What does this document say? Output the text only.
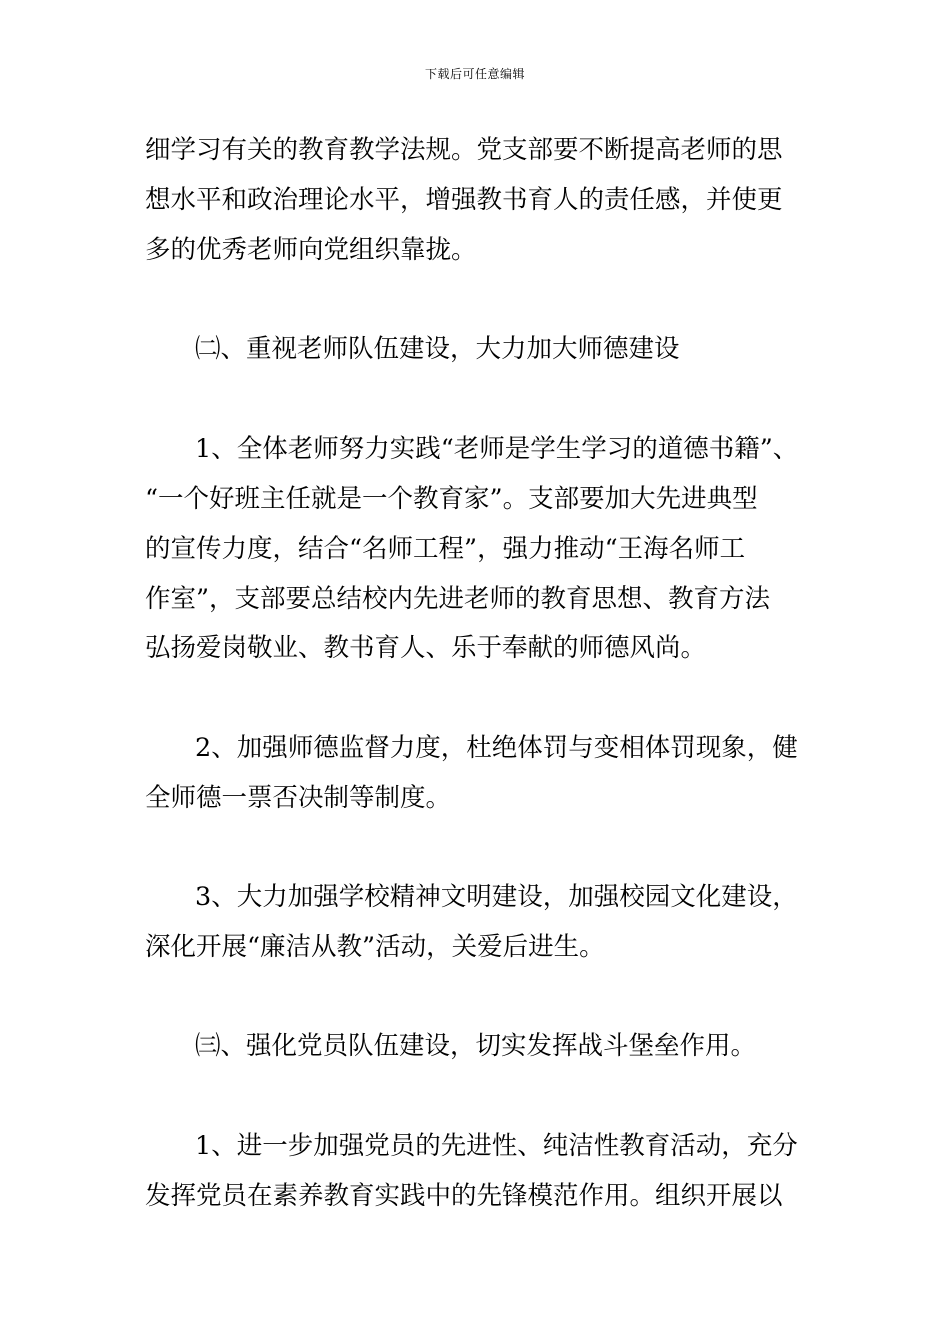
下载后可任意编辑
细学习有关的教育教学法规。党支部要不断提高老师的思
想水平和政治理论水平，增强教书育人的责任感，并使更
多的优秀老师向党组织靠拢。
㈡、重视老师队伍建设，大力加大师德建设
1、全体老师努力实践“老师是学生学习的道德书籍”、
“一个好班主任就是一个教育家”。支部要加大先进典型
的宣传力度，结合“名师工程”，强力推动“王海名师工
作室”，支部要总结校内先进老师的教育思想、教育方法
弘扬爱岗敬业、教书育人、乐于奉献的师德风尚。
2、加强师德监督力度，杜绝体罚与变相体罚现象，健
全师德一票否决制等制度。
3、大力加强学校精神文明建设，加强校园文化建设，
深化开展“廉洁从教”活动，关爱后进生。
㈢、强化党员队伍建设，切实发挥战斗堡垒作用。
1、进一步加强党员的先进性、纯洁性教育活动，充分
发挥党员在素养教育实践中的先锋模范作用。组织开展以
